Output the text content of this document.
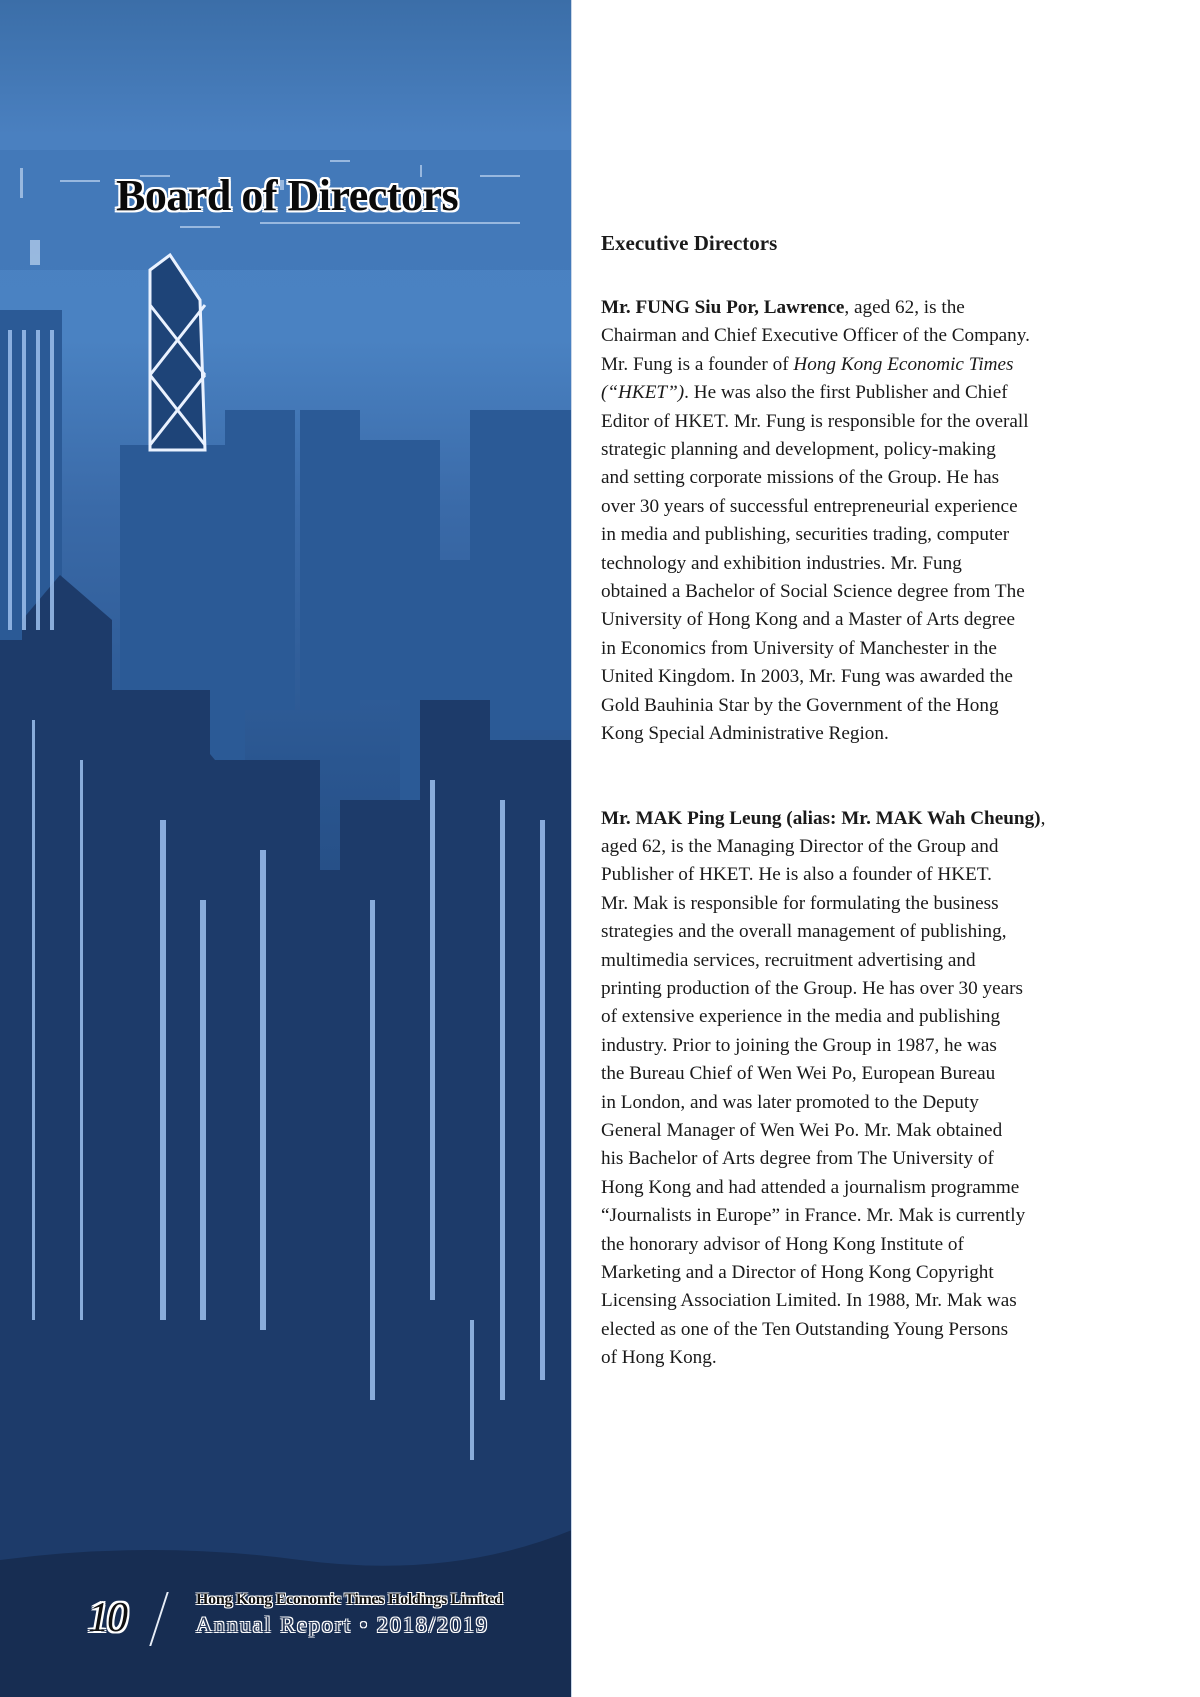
Board of Directors
10	Hong Kong Economic Times Holdings Limited
Annual Report • 2018/2019
Executive Directors

Mr. FUNG Siu Por, Lawrence, aged 62, is the
Chairman and Chief Executive Officer of the Company.
Mr. Fung is a founder of Hong Kong Economic Times
(“HKET”). He was also the first Publisher and Chief
Editor of HKET. Mr. Fung is responsible for the overall
strategic planning and development, policy-making
and setting corporate missions of the Group. He has
over 30 years of successful entrepreneurial experience
in media and publishing, securities trading, computer
technology and exhibition industries. Mr. Fung
obtained a Bachelor of Social Science degree from The
University of Hong Kong and a Master of Arts degree
in Economics from University of Manchester in the
United Kingdom. In 2003, Mr. Fung was awarded the
Gold Bauhinia Star by the Government of the Hong
Kong Special Administrative Region.

Mr. MAK Ping Leung (alias: Mr. MAK Wah Cheung),
aged 62, is the Managing Director of the Group and
Publisher of HKET. He is also a founder of HKET.
Mr. Mak is responsible for formulating the business
strategies and the overall management of publishing,
multimedia services, recruitment advertising and
printing production of the Group. He has over 30 years
of extensive experience in the media and publishing
industry. Prior to joining the Group in 1987, he was
the Bureau Chief of Wen Wei Po, European Bureau
in London, and was later promoted to the Deputy
General Manager of Wen Wei Po. Mr. Mak obtained
his Bachelor of Arts degree from The University of
Hong Kong and had attended a journalism programme
“Journalists in Europe” in France. Mr. Mak is currently
the honorary advisor of Hong Kong Institute of
Marketing and a Director of Hong Kong Copyright
Licensing Association Limited. In 1988, Mr. Mak was
elected as one of the Ten Outstanding Young Persons
of Hong Kong.
